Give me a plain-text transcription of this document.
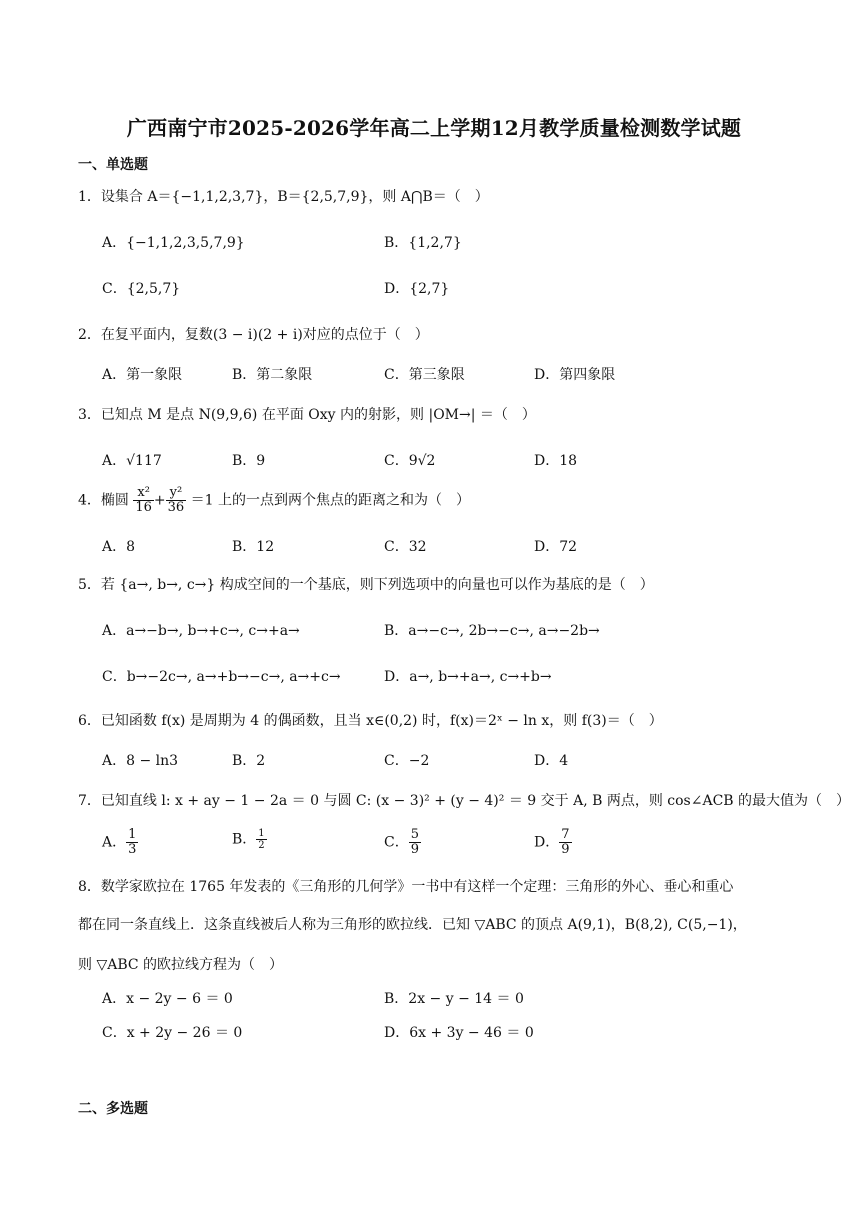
广西南宁市2025-2026学年高二上学期12月教学质量检测数学试题
一、单选题
1．设集合 A＝{−1,1,2,3,7}，B＝{2,5,7,9}，则 A⋂B＝（　）
A．{−1,1,2,3,5,7,9}	B．{1,2,7}
C．{2,5,7}	D．{2,7}
2．在复平面内，复数(3 − i)(2 + i)对应的点位于（　）
A．第一象限	B．第二象限	C．第三象限	D．第四象限
3．已知点 M 是点 N(9,9,6) 在平面 Oxy 内的射影，则 |OM→| ＝（　）
A．√117	B．9	C．9√2	D．18
4．椭圆 $\frac{\text{x²}}{16} + \frac{\text{y²}}{36} =1$ 上的一点到两个焦点的距离之和为（　）
A．8	B．12	C．32	D．72
5．若 {a→, b→, c→} 构成空间的一个基底，则下列选项中的向量也可以作为基底的是（　）
A．a→−b→, b→+c→, c→+a→	B．a→−c→, 2b→−c→, a→−2b→
C．b→−2c→, a→+b→−c→, a→+c→	D．a→, b→+a→, c→+b→
6．已知函数 f(x) 是周期为 4 的偶函数，且当 x∈(0,2) 时，f(x)＝2ˣ − ln x，则 f(3)＝（　）
A．8 − ln3	B．2	C．−2	D．4
7．已知直线 l: x + ay − 1 − 2a ＝ 0 与圆 C: (x − 3)² + (y − 4)² ＝ 9 交于 A, B 两点，则 cos∠ACB 的最大值为（　）
A． $\frac{1}{3}$	B． $\frac{1}{2}$	C． $\frac{5}{9}$	D． $\frac{7}{9}$
8．数学家欧拉在 1765 年发表的《三角形的几何学》一书中有这样一个定理：三角形的外心、垂心和重心
都在同一条直线上．这条直线被后人称为三角形的欧拉线．已知 ▽ABC 的顶点 A(9,1)，B(8,2), C(5,−1)，
则 ▽ABC 的欧拉线方程为（　）
A．x − 2y − 6 ＝ 0	B．2x − y − 14 ＝ 0
C．x + 2y − 26 ＝ 0	D．6x + 3y − 46 ＝ 0
二、多选题
